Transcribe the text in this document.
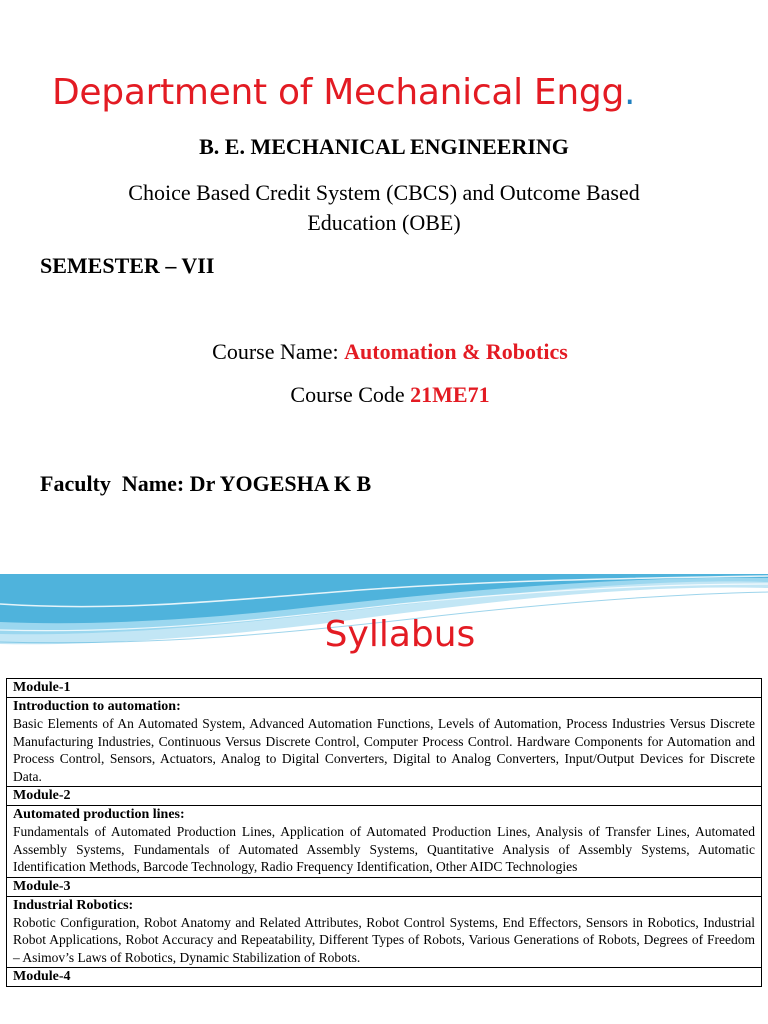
Department of Mechanical Engg.
B. E. MECHANICAL ENGINEERING
Choice Based Credit System (CBCS) and Outcome Based
Education (OBE)
SEMESTER – VII
Course Name: Automation & Robotics
Course Code 21ME71
Faculty  Name: Dr YOGESHA K B
Syllabus
Module-1
Introduction to automation:
Basic Elements of An Automated System, Advanced Automation Functions, Levels of Automation, Process Industries Versus Discrete Manufacturing Industries, Continuous Versus Discrete Control, Computer Process Control. Hardware Components for Automation and Process Control, Sensors, Actuators, Analog to Digital Converters, Digital to Analog Converters, Input/Output Devices for Discrete Data.
Module-2
Automated production lines:
Fundamentals of Automated Production Lines, Application of Automated Production Lines, Analysis of Transfer Lines, Automated Assembly Systems, Fundamentals of Automated Assembly Systems, Quantitative Analysis of Assembly Systems, Automatic Identification Methods, Barcode Technology, Radio Frequency Identification, Other AIDC Technologies
Module-3
Industrial Robotics:
Robotic Configuration, Robot Anatomy and Related Attributes, Robot Control Systems, End Effectors, Sensors in Robotics, Industrial Robot Applications, Robot Accuracy and Repeatability, Different Types of Robots, Various Generations of Robots, Degrees of Freedom – Asimov’s Laws of Robotics, Dynamic Stabilization of Robots.
Module-4
